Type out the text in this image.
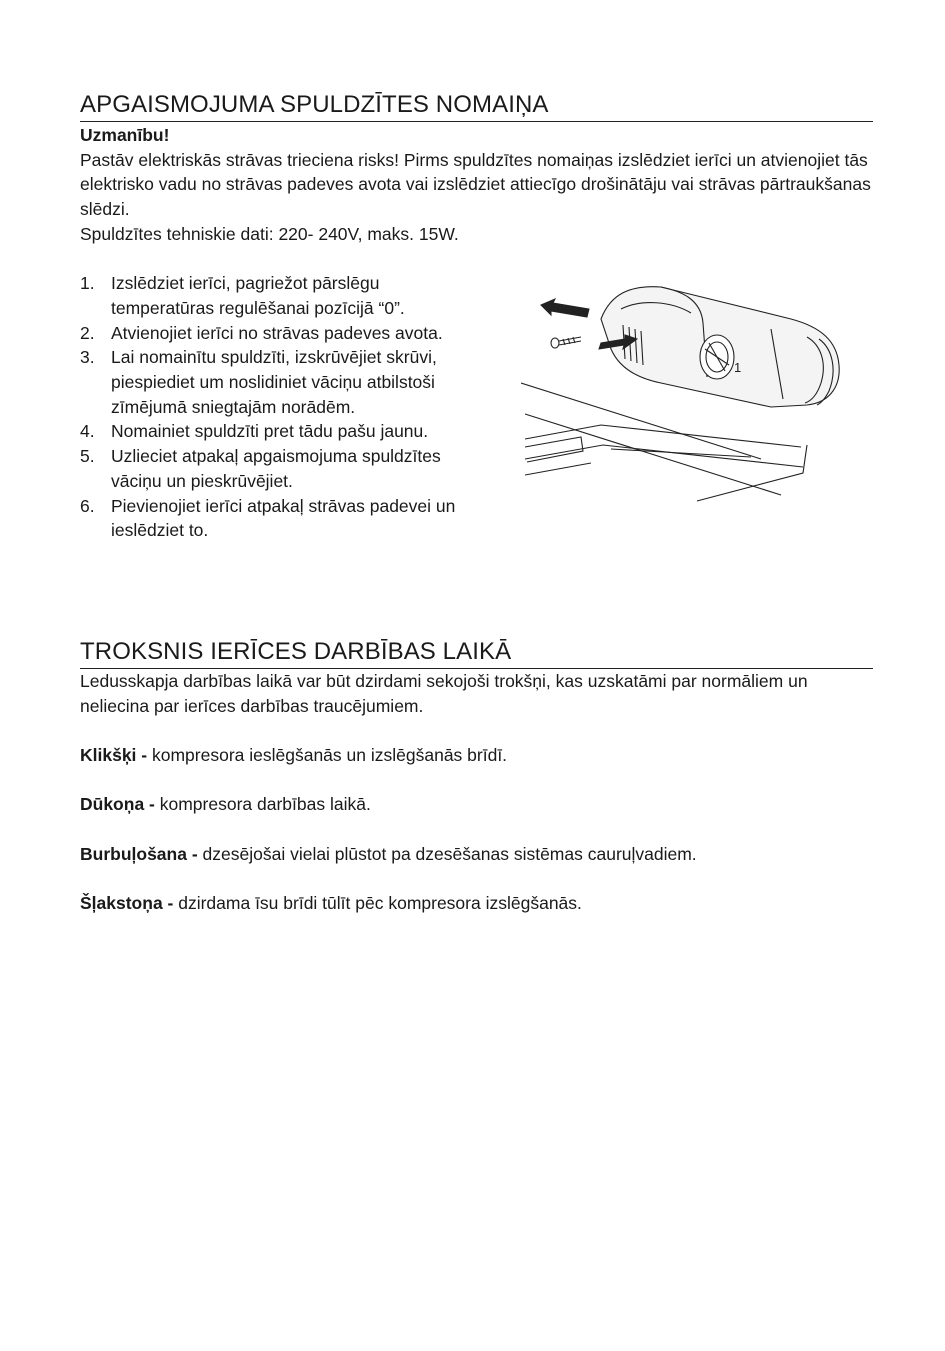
APGAISMOJUMA SPULDZĪTES NOMAIŅA

Uzmanību!

Pastāv elektriskās strāvas trieciena risks! Pirms spuldzītes nomaiņas izslēdziet ierīci un atvienojiet tās elektrisko vadu no strāvas padeves avota vai izslēdziet attiecīgo drošinātāju vai strāvas pārtraukšanas slēdzi.

Spuldzītes tehniskie dati: 220- 240V, maks. 15W.

1. Izslēdziet ierīci, pagriežot pārslēgu temperatūras regulēšanai pozīcijā “0”.
2. Atvienojiet ierīci no strāvas padeves avota.
3. Lai nomainītu spuldzīti, izskrūvējiet skrūvi, piespiediet um noslidiniet vāciņu atbilstoši zīmējumā sniegtajām norādēm.
4. Nomainiet spuldzīti pret tādu pašu jaunu.
5. Uzlieciet atpakaļ apgaismojuma spuldzītes vāciņu un pieskrūvējiet.
6. Pievienojiet ierīci atpakaļ strāvas padevei un ieslēdziet to.
1
TROKSNIS IERĪCES DARBĪBAS LAIKĀ

Ledusskapja darbības laikā var būt dzirdami sekojoši trokšņi, kas uzskatāmi par normāliem un neliecina par ierīces darbības traucējumiem.

Klikšķi - kompresora ieslēgšanās un izslēgšanās brīdī.

Dūkoņa - kompresora darbības laikā.

Burbuļošana - dzesējošai vielai plūstot pa dzesēšanas sistēmas cauruļvadiem.

Šļakstoņa - dzirdama īsu brīdi tūlīt pēc kompresora izslēgšanās.
